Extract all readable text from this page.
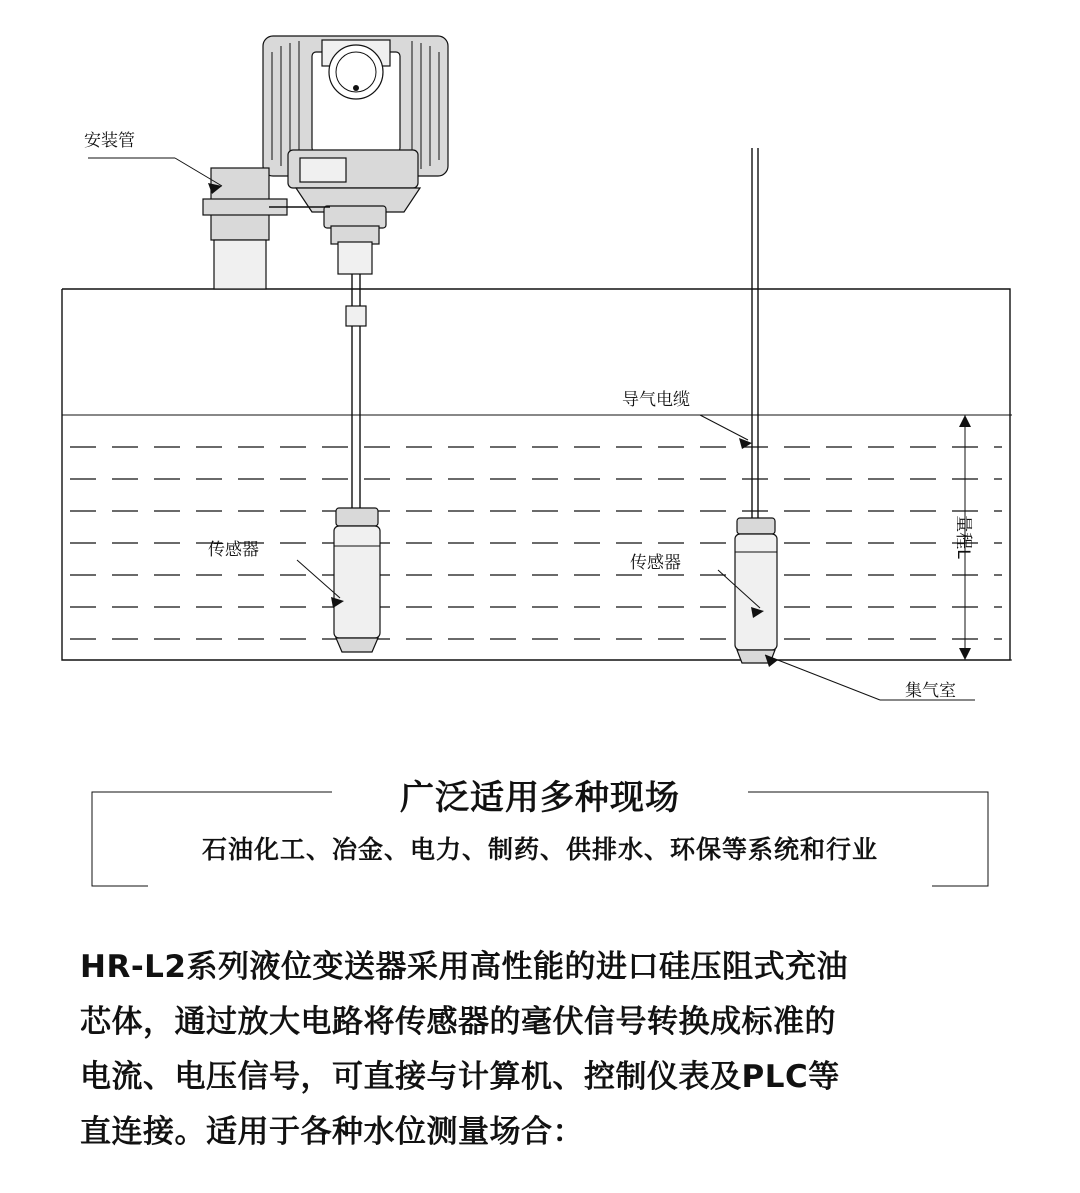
安装管
导气电缆
传感器
传感器
集气室
量程L
广泛适用多种现场
石油化工、冶金、电力、制药、供排水、环保等系统和行业

HR-L2系列液位变送器采用高性能的进口硅压阻式充油

芯体，通过放大电路将传感器的毫伏信号转换成标准的

电流、电压信号，可直接与计算机、控制仪表及PLC等

直连接。适用于各种水位测量场合：
